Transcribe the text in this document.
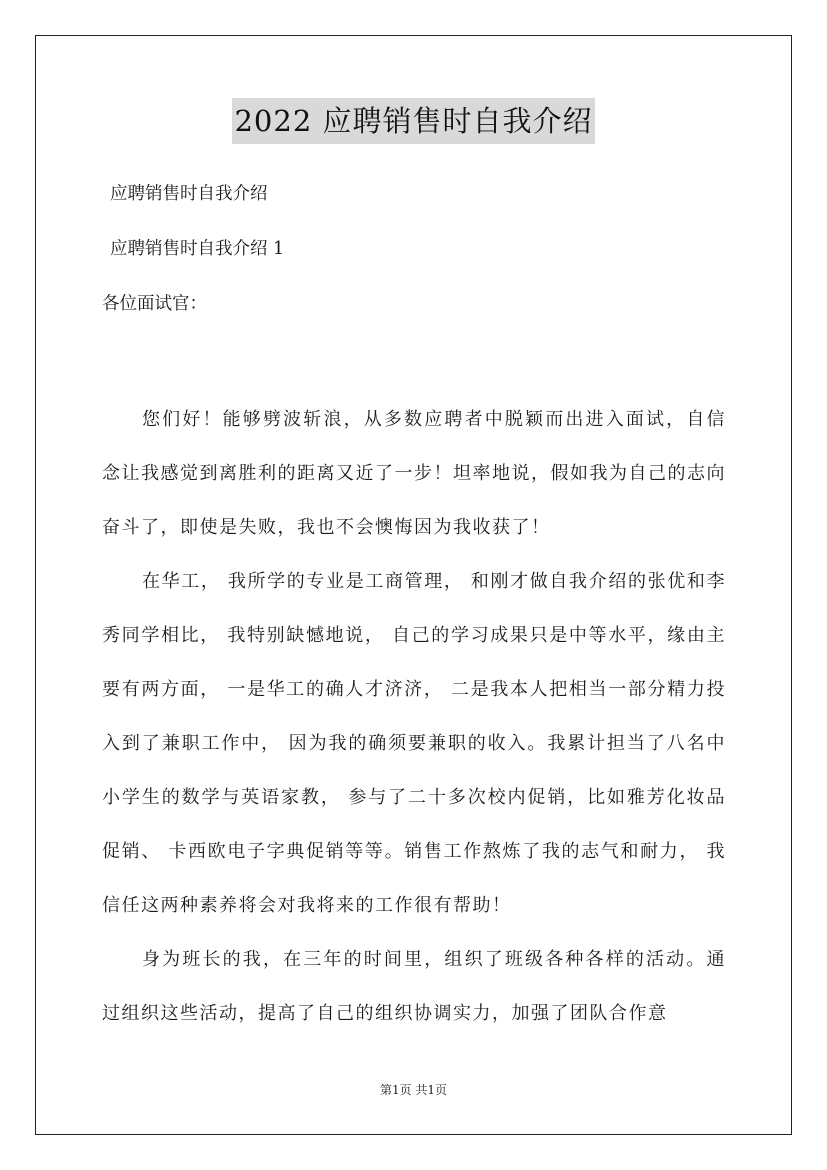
2022 应聘销售时自我介绍
应聘销售时自我介绍
应聘销售时自我介绍 1
各位面试官：

您们好！能够劈波斩浪，从多数应聘者中脱颖而出进入面试，自信念让我感觉到离胜利的距离又近了一步！坦率地说，假如我为自己的志向奋斗了，即使是失败，我也不会懊悔因为我收获了！

在华工， 我所学的专业是工商管理， 和刚才做自我介绍的张优和李秀同学相比， 我特别缺憾地说， 自己的学习成果只是中等水平，缘由主要有两方面， 一是华工的确人才济济， 二是我本人把相当一部分精力投入到了兼职工作中， 因为我的确须要兼职的收入。我累计担当了八名中小学生的数学与英语家教， 参与了二十多次校内促销，比如雅芳化妆品促销、 卡西欧电子字典促销等等。销售工作熬炼了我的志气和耐力， 我信任这两种素养将会对我将来的工作很有帮助！

身为班长的我，在三年的时间里，组织了班级各种各样的活动。通过组织这些活动，提高了自己的组织协调实力，加强了团队合作意

第1页 共1页
